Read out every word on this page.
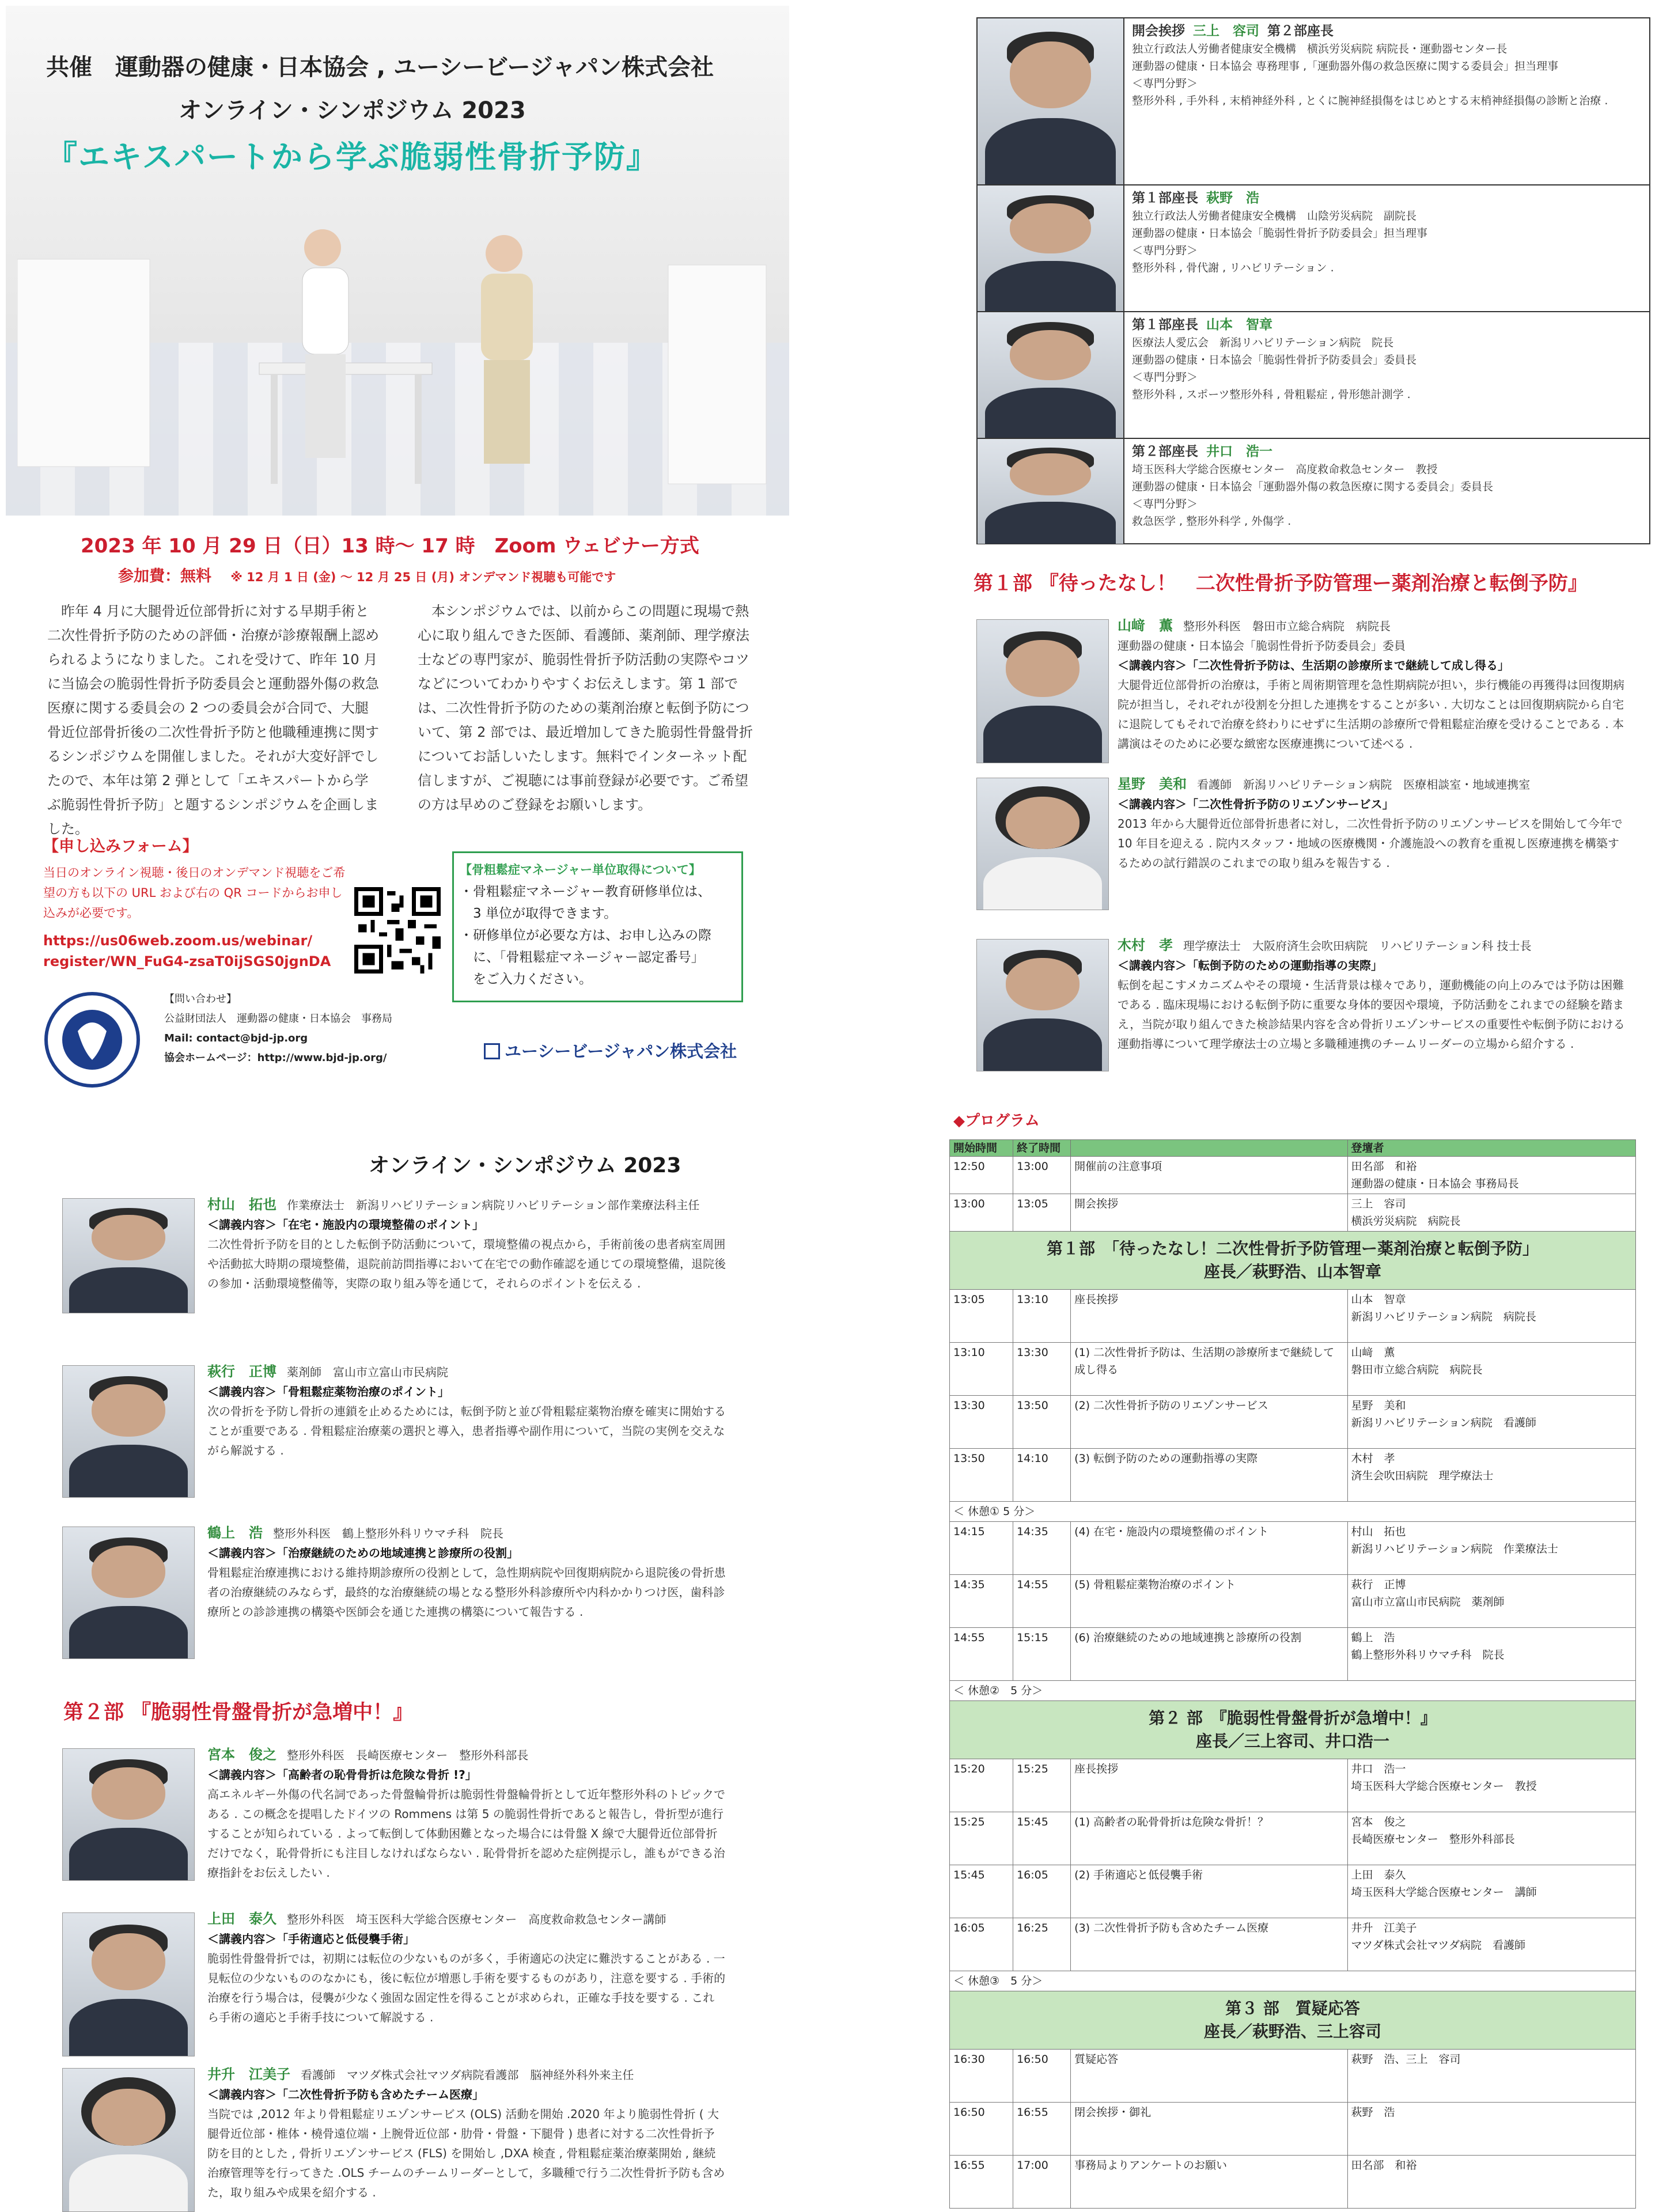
共催　運動器の健康・日本協会 , ユーシービージャパン株式会社
オンライン・シンポジウム 2023
『エキスパートから学ぶ脆弱性骨折予防』
2023 年 10 月 29 日（日）13 時～ 17 時　Zoom ウェビナー方式
参加費：無料 ※ 12 月 1 日 (金) ～ 12 月 25 日 (月) オンデマンド視聴も可能です
　昨年 4 月に大腿骨近位部骨折に対する早期手術と二次性骨折予防のための評価・治療が診療報酬上認められるようになりました。これを受けて、昨年 10 月に当協会の脆弱性骨折予防委員会と運動器外傷の救急医療に関する委員会の 2 つの委員会が合同で、大腿骨近位部骨折後の二次性骨折予防と他職種連携に関するシンポジウムを開催しました。それが大変好評でしたので、本年は第 2 弾として「エキスパートから学ぶ脆弱性骨折予防」と題するシンポジウムを企画しました。
　本シンポジウムでは、以前からこの問題に現場で熱心に取り組んできた医師、看護師、薬剤師、理学療法士などの専門家が、脆弱性骨折予防活動の実際やコツなどについてわかりやすくお伝えします。第 1 部では、二次性骨折予防のための薬剤治療と転倒予防について、第 2 部では、最近増加してきた脆弱性骨盤骨折についてお話しいたします。無料でインターネット配信しますが、ご視聴には事前登録が必要です。ご希望の方は早めのご登録をお願いします。
【申し込みフォーム】
当日のオンライン視聴・後日のオンデマンド視聴をご希望の方も以下の URL および右の QR コードからお申し込みが必要です。
https://us06web.zoom.us/webinar/
register/WN_FuG4-zsaT0ijSGS0jgnDA
【骨粗鬆症マネージャー単位取得について】
・骨粗鬆症マネージャー教育研修単位は、
　3 単位が取得できます。
・研修単位が必要な方は、お申し込みの際
　に、「骨粗鬆症マネージャー認定番号」
　をご入力ください。
【問い合わせ】
公益財団法人　運動器の健康・日本協会　事務局
Mail: contact@bjd-jp.org
協会ホームページ：http://www.bjd-jp.org/	ユーシービージャパン株式会社
オンライン・シンポジウム 2023
第２部 『脆弱性骨盤骨折が急増中！』
開会挨拶 三上　容司 第２部座長
独立行政法人労働者健康安全機構　横浜労災病院 病院長・運動器センター長
運動器の健康・日本協会 専務理事 ,「運動器外傷の救急医療に関する委員会」担当理事
＜専門分野＞
整形外科 , 手外科 , 末梢神経外科 , とくに腕神経損傷をはじめとする末梢神経損傷の診断と治療 .
第１部座長 萩野　浩
独立行政法人労働者健康安全機構　山陰労災病院　副院長
運動器の健康・日本協会「脆弱性骨折予防委員会」担当理事
＜専門分野＞
整形外科 , 骨代謝 , リハビリテーション .
第１部座長 山本　智章
医療法人愛広会　新潟リハビリテーション病院　院長
運動器の健康・日本協会「脆弱性骨折予防委員会」委員長
＜専門分野＞
整形外科 , スポーツ整形外科 , 骨粗鬆症 , 骨形態計測学 .
第２部座長 井口　浩一
埼玉医科大学総合医療センター　高度救命救急センター　教授
運動器の健康・日本協会「運動器外傷の救急医療に関する委員会」委員長
＜専門分野＞
救急医学 , 整形外科学 , 外傷学 .
第１部 『待ったなし！　二次性骨折予防管理ー薬剤治療と転倒予防』
◆プログラム
開始時間	終了時間		登壇者
12:50	13:00	開催前の注意事項	田名部　和裕
運動器の健康・日本協会 事務局長

13:00	13:05	開会挨拶	三上　容司
横浜労災病院　病院長

第１部　「待ったなし！二次性骨折予防管理ー薬剤治療と転倒予防」
座長／萩野浩、山本智章			

13:05	13:10	座長挨拶	山本　智章
新潟リハビリテーション病院　病院長

13:10	13:30	(1) 二次性骨折予防は、生活期の診療所まで継続して成し得る	山﨑　薫
磐田市立総合病院　病院長

13:30	13:50	(2) 二次性骨折予防のリエゾンサービス	星野　美和
新潟リハビリテーション病院　看護師

13:50	14:10	(3) 転倒予防のための運動指導の実際	木村　孝
済生会吹田病院　理学療法士

＜ 休憩① 5 分＞			
14:15	14:35	(4) 在宅・施設内の環境整備のポイント	村山　拓也
新潟リハビリテーション病院　作業療法士

14:35	14:55	(5) 骨粗鬆症薬物治療のポイント	萩行　正博
富山市立富山市民病院　薬剤師

14:55	15:15	(6) 治療継続のための地域連携と診療所の役割	鶴上　浩
鶴上整形外科リウマチ科　院長

＜ 休憩②　5 分＞			

第２ 部　『脆弱性骨盤骨折が急増中！』
座長／三上容司、井口浩一			

15:20	15:25	座長挨拶	井口　浩一
埼玉医科大学総合医療センター　教授

15:25	15:45	(1) 高齢者の恥骨骨折は危険な骨折！？	宮本　俊之
長崎医療センター　整形外科部長

15:45	16:05	(2) 手術適応と低侵襲手術	上田　泰久
埼玉医科大学総合医療センター　講師

16:05	16:25	(3) 二次性骨折予防も含めたチーム医療	井升　江美子
マツダ株式会社マツダ病院　看護師

＜ 休憩③　5 分＞			

第３ 部　質疑応答
座長／萩野浩、三上容司			

16:30	16:50	質疑応答	萩野　浩、三上　容司

16:50	16:55	閉会挨拶・御礼	萩野　浩

16:55	17:00	事務局よりアンケートのお願い	田名部　和裕
村山　拓也 作業療法士　新潟リハビリテーション病院リハビリテーション部作業療法科主任
＜講義内容＞「在宅・施設内の環境整備のポイント」
二次性骨折予防を目的とした転倒予防活動について，環境整備の視点から，手術前後の患者病室周囲や活動拡大時期の環境整備，退院前訪問指導において在宅での動作確認を通じての環境整備，退院後の参加・活動環境整備等，実際の取り組み等を通じて，それらのポイントを伝える .
萩行　正博 薬剤師　富山市立富山市民病院
＜講義内容＞「骨粗鬆症薬物治療のポイント」
次の骨折を予防し骨折の連鎖を止めるためには，転倒予防と並び骨粗鬆症薬物治療を確実に開始することが重要である . 骨粗鬆症治療薬の選択と導入，患者指導や副作用について，当院の実例を交えながら解説する .
鶴上　浩 整形外科医　鶴上整形外科リウマチ科　院長
＜講義内容＞「治療継続のための地域連携と診療所の役割」
骨粗鬆症治療連携における維持期診療所の役割として，急性期病院や回復期病院から退院後の骨折患者の治療継続のみならず，最終的な治療継続の場となる整形外科診療所や内科かかりつけ医，歯科診療所との診診連携の構築や医師会を通じた連携の構築について報告する .
宮本　俊之 整形外科医　長崎医療センター　整形外科部長
＜講義内容＞「高齢者の恥骨骨折は危険な骨折 !?」
高エネルギー外傷の代名詞であった骨盤輪骨折は脆弱性骨盤輪骨折として近年整形外科のトピックである . この概念を提唱したドイツの Rommens は第 5 の脆弱性骨折であると報告し，骨折型が進行することが知られている . よって転倒して体動困難となった場合には骨盤 X 線で大腿骨近位部骨折だけでなく，恥骨骨折にも注目しなければならない . 恥骨骨折を認めた症例提示し，誰もができる治療指針をお伝えしたい .
上田　泰久 整形外科医　埼玉医科大学総合医療センター　高度救命救急センター講師
＜講義内容＞「手術適応と低侵襲手術」
脆弱性骨盤骨折では，初期には転位の少ないものが多く，手術適応の決定に難渋することがある . 一見転位の少ないもののなかにも，後に転位が増悪し手術を要するものがあり，注意を要する . 手術的治療を行う場合は，侵襲が少なく強固な固定性を得ることが求められ，正確な手技を要する . これら手術の適応と手術手技について解説する .
井升　江美子 看護師　マツダ株式会社マツダ病院看護部　脳神経外科外来主任
＜講義内容＞「二次性骨折予防も含めたチーム医療」
当院では ,2012 年より骨粗鬆症リエゾンサービス (OLS) 活動を開始 .2020 年より脆弱性骨折 ( 大腿骨近位部・椎体・橈骨遠位端・上腕骨近位部・肋骨・骨盤・下腿骨 ) 患者に対する二次性骨折予防を目的とした , 骨折リエゾンサービス (FLS) を開始し ,DXA 検査 , 骨粗鬆症薬治療薬開始 , 継続治療管理等を行ってきた .OLS チームのチームリーダーとして，多職種で行う二次性骨折予防も含めた，取り組みや成果を紹介する .
山﨑　薫 整形外科医　磐田市立総合病院　病院長
運動器の健康・日本協会「脆弱性骨折予防委員会」委員
＜講義内容＞「二次性骨折予防は、生活期の診療所まで継続して成し得る」
大腿骨近位部骨折の治療は，手術と周術期管理を急性期病院が担い，歩行機能の再獲得は回復期病院が担当し，それぞれが役割を分担した連携をすることが多い . 大切なことは回復期病院から自宅に退院してもそれで治療を終わりにせずに生活期の診療所で骨粗鬆症治療を受けることである . 本講演はそのために必要な緻密な医療連携について述べる .
星野　美和 看護師　新潟リハビリテーション病院　医療相談室・地域連携室
＜講義内容＞「二次性骨折予防のリエゾンサービス」
2013 年から大腿骨近位部骨折患者に対し，二次性骨折予防のリエゾンサービスを開始して今年で 10 年目を迎える . 院内スタッフ・地域の医療機関・介護施設への教育を重視し医療連携を構築するための試行錯誤のこれまでの取り組みを報告する .
木村　孝 理学療法士　大阪府済生会吹田病院　リハビリテーション科 技士長
＜講義内容＞「転倒予防のための運動指導の実際」
転倒を起こすメカニズムやその環境・生活背景は様々であり，運動機能の向上のみでは予防は困難である . 臨床現場における転倒予防に重要な身体的要因や環境，予防活動をこれまでの経験を踏まえ，当院が取り組んできた検診結果内容を含め骨折リエゾンサービスの重要性や転倒予防における運動指導について理学療法士の立場と多職種連携のチームリーダーの立場から紹介する .
